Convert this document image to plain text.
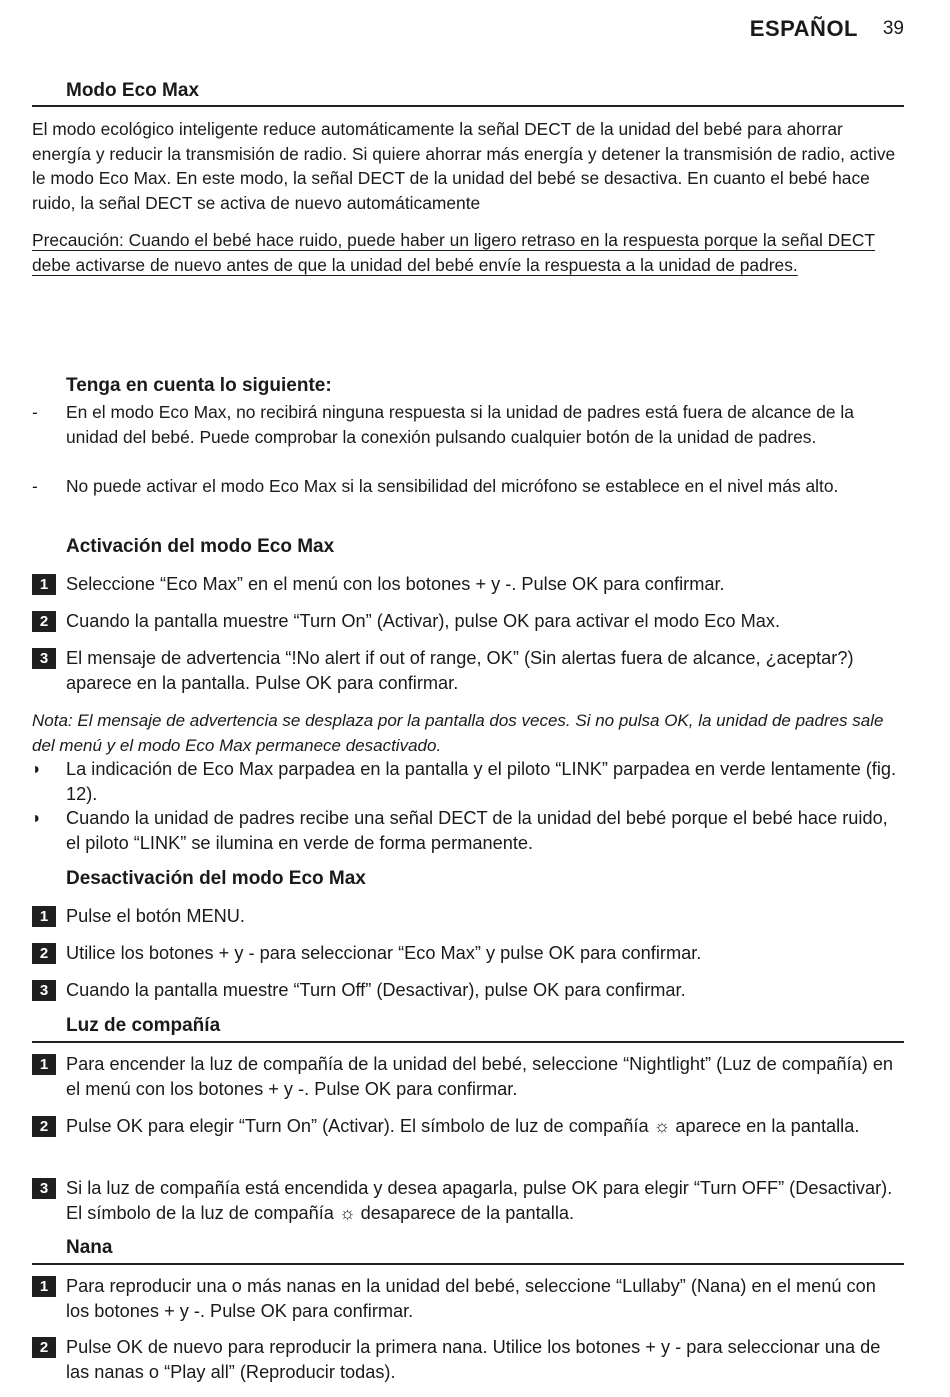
ESPAÑOL 39
Modo Eco Max
El modo ecológico inteligente reduce automáticamente la señal DECT de la unidad del bebé para ahorrar energía y reducir la transmisión de radio. Si quiere ahorrar más energía y detener la transmisión de radio, active le modo Eco Max. En este modo, la señal DECT de la unidad del bebé se desactiva. En cuanto el bebé hace ruido, la señal DECT se activa de nuevo automáticamente
Precaución: Cuando el bebé hace ruido, puede haber un ligero retraso en la respuesta porque la señal DECT debe activarse de nuevo antes de que la unidad del bebé envíe la respuesta a la unidad de padres.
Tenga en cuenta lo siguiente:
- En el modo Eco Max, no recibirá ninguna respuesta si la unidad de padres está fuera de alcance de la unidad del bebé. Puede comprobar la conexión pulsando cualquier botón de la unidad de padres.
- No puede activar el modo Eco Max si la sensibilidad del micrófono se establece en el nivel más alto.
Activación del modo Eco Max
1 Seleccione “Eco Max” en el menú con los botones + y -. Pulse OK para confirmar.
2 Cuando la pantalla muestre “Turn On” (Activar), pulse OK para activar el modo Eco Max.
3 El mensaje de advertencia “!No alert if out of range, OK” (Sin alertas fuera de alcance, ¿aceptar?) aparece en la pantalla. Pulse OK para confirmar.
Nota: El mensaje de advertencia se desplaza por la pantalla dos veces. Si no pulsa OK, la unidad de padres sale del menú y el modo Eco Max permanece desactivado.
◗ La indicación de Eco Max parpadea en la pantalla y el piloto “LINK” parpadea en verde lentamente (fig. 12).
◗ Cuando la unidad de padres recibe una señal DECT de la unidad del bebé porque el bebé hace ruido, el piloto “LINK” se ilumina en verde de forma permanente.
Desactivación del modo Eco Max
1 Pulse el botón MENU.
2 Utilice los botones + y - para seleccionar “Eco Max” y pulse OK para confirmar.
3 Cuando la pantalla muestre “Turn Off” (Desactivar), pulse OK para confirmar.
Luz de compañía
1 Para encender la luz de compañía de la unidad del bebé, seleccione “Nightlight” (Luz de compañía) en el menú con los botones + y -. Pulse OK para confirmar.
2 Pulse OK para elegir “Turn On” (Activar). El símbolo de luz de compañía ☼ aparece en la pantalla.
3 Si la luz de compañía está encendida y desea apagarla, pulse OK para elegir “Turn OFF” (Desactivar). El símbolo de la luz de compañía ☼ desaparece de la pantalla.
Nana
1 Para reproducir una o más nanas en la unidad del bebé, seleccione “Lullaby” (Nana) en el menú con los botones + y -. Pulse OK para confirmar.
2 Pulse OK de nuevo para reproducir la primera nana. Utilice los botones + y - para seleccionar una de las nanas o “Play all” (Reproducir todas).
